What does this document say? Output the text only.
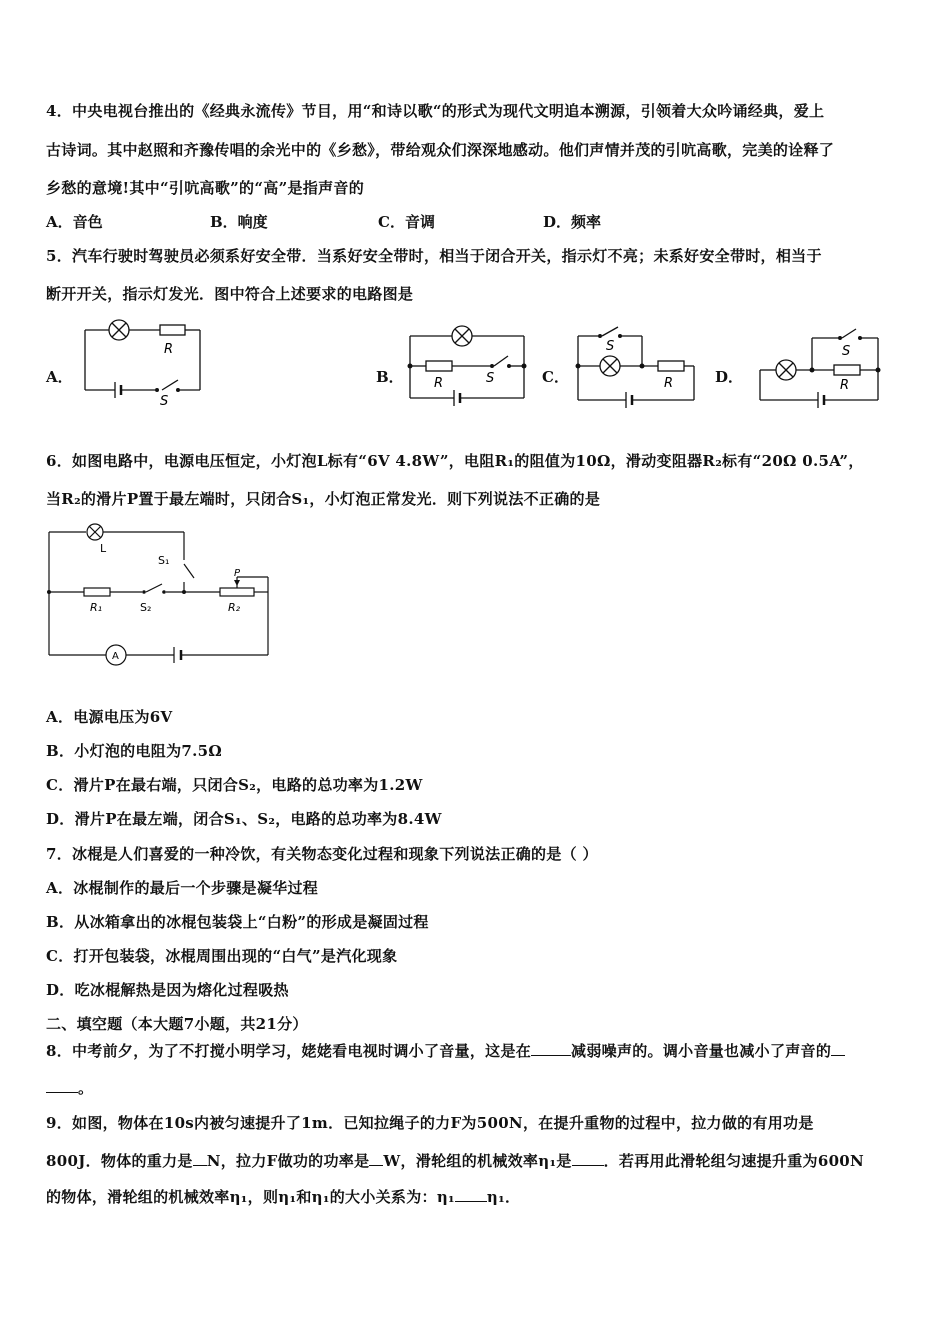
4．中央电视台推出的《经典永流传》节目，用“和诗以歌“的形式为现代文明追本溯源，引领着大众吟诵经典，爱上
古诗词。其中赵照和齐豫传唱的余光中的《乡愁》，带给观众们深深地感动。他们声情并茂的引吭高歌，完美的诠释了
乡愁的意境!其中“引吭高歌”的“高”是指声音的
A．音色	B．响度	C．音调	D．频率
5．汽车行驶时驾驶员必须系好安全带．当系好安全带时，相当于闭合开关，指示灯不亮；未系好安全带时，相当于
断开开关，指示灯发光．图中符合上述要求的电路图是
A．	B．	C．	D．
R
S
R	S
S
R
S
R
6．如图电路中，电源电压恒定，小灯泡L标有“6V 4.8W”，电阻R₁的阻值为10Ω，滑动变阻器R₂标有“20Ω 0.5A”，
当R₂的滑片P置于最左端时，只闭合S₁，小灯泡正常发光．则下列说法不正确的是
L
S₁
R₁	S₂	R₂
P
A
A．电源电压为6V
B．小灯泡的电阻为7.5Ω
C．滑片P在最右端，只闭合S₂，电路的总功率为1.2W
D．滑片P在最左端，闭合S₁、S₂，电路的总功率为8.4W
7．冰棍是人们喜爱的一种冷饮，有关物态变化过程和现象下列说法正确的是（ ）
A．冰棍制作的最后一个步骤是凝华过程
B．从冰箱拿出的冰棍包装袋上“白粉”的形成是凝固过程
C．打开包装袋，冰棍周围出现的“白气”是汽化现象
D．吃冰棍解热是因为熔化过程吸热
二、填空题（本大题7小题，共21分）
8．中考前夕，为了不打搅小明学习，姥姥看电视时调小了音量，这是在	减弱噪声的。调小音量也减小了声音的
。
9．如图，物体在10s内被匀速提升了1m．已知拉绳子的力F为500N，在提升重物的过程中，拉力做的有用功是
800J．物体的重力是 N，拉力F做功的功率是 W，滑轮组的机械效率η₁是 ．若再用此滑轮组匀速提升重为600N
的物体，滑轮组的机械效率η₁，则η₁和η₁的大小关系为：η₁ η₁．
